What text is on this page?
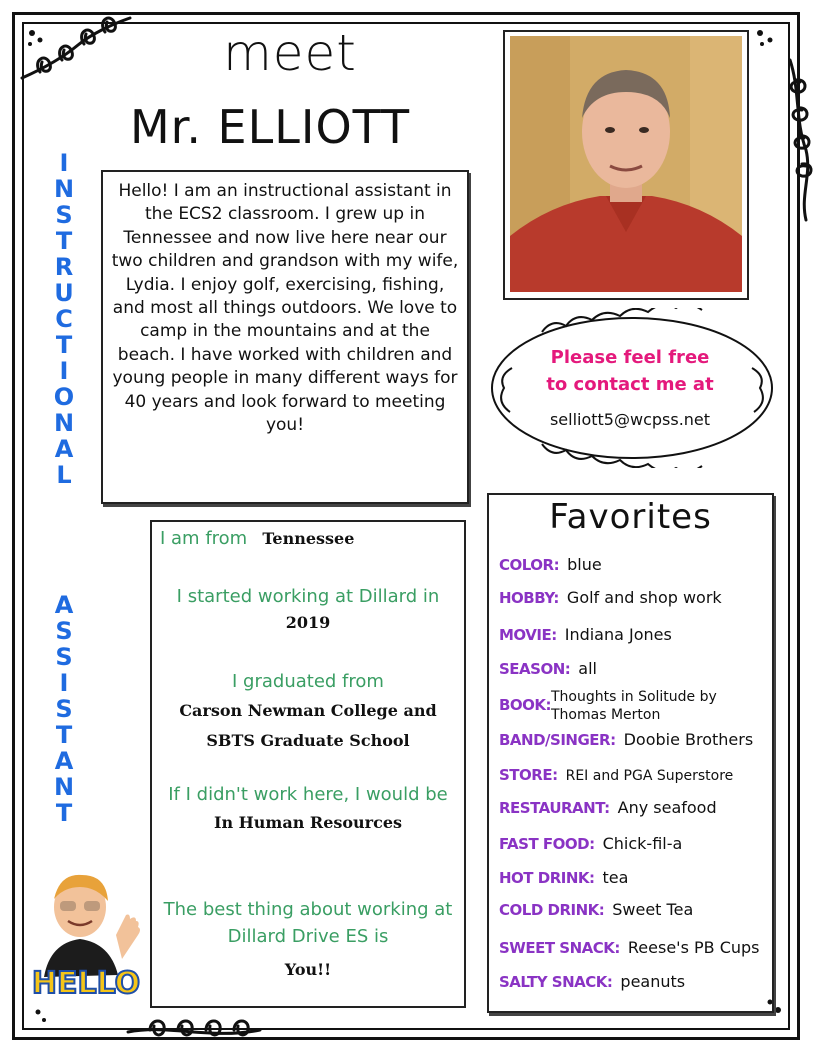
meet
Mr. ELLIOTT
I
N
S
T
R
U
C
T
I
O
N
A
L
A
S
S
I
S
T
A
N
T
Hello! I am an instructional assistant in the ECS2 classroom. I grew up in Tennessee and now live here near our two children and grandson with my wife, Lydia. I enjoy golf, exercising, fishing, and most all things outdoors. We love to camp in the mountains and at the beach. I have worked with children and young people in many different ways for 40 years and look forward to meeting you!
Please feel free
to contact me at
selliott5@wcpss.net
I am from Tennessee
I started working at Dillard in
2019
I graduated from
Carson Newman College and
SBTS Graduate School
If I didn't work here, I would be
In Human Resources
The best thing about working at
Dillard Drive ES is
You!!
HELLO
Favorites
COLOR: blue
HOBBY: Golf and shop work
MOVIE: Indiana Jones
SEASON: all
BOOK: Thoughts in Solitude by
Thomas Merton
BAND/SINGER: Doobie Brothers
STORE: REI and PGA Superstore
RESTAURANT: Any seafood
FAST FOOD: Chick-fil-a
HOT DRINK: tea
COLD DRINK: Sweet Tea
SWEET SNACK: Reese's PB Cups
SALTY SNACK: peanuts
